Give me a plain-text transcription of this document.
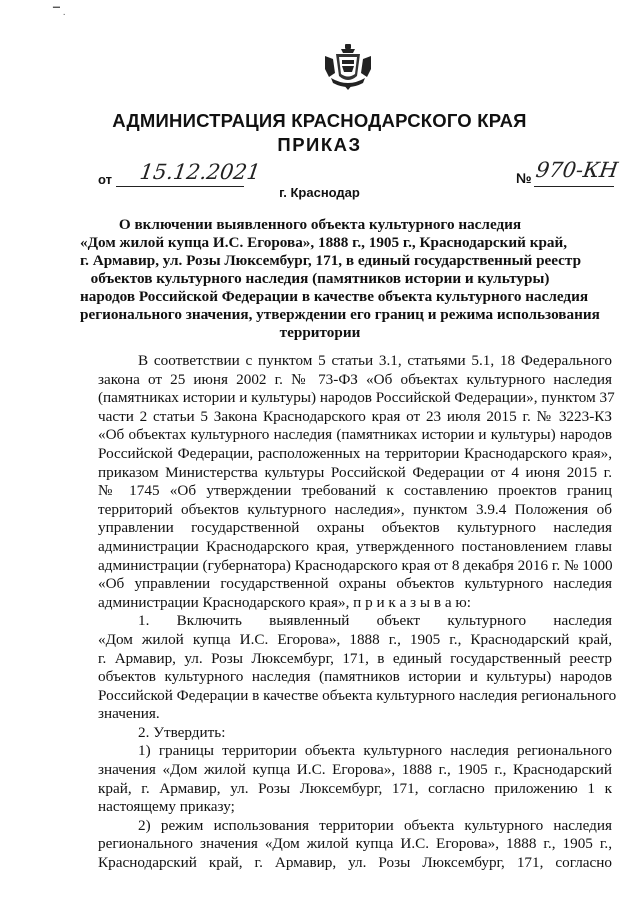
▔ .
АДМИНИСТРАЦИЯ КРАСНОДАРСКОГО КРАЯ
ПРИКАЗ
от 15.12.2021	№ 970-КН
г. Краснодар
О включении выявленного объекта культурного наследия
«Дом жилой купца И.С. Егорова», 1888 г., 1905 г., Краснодарский край,
г. Армавир, ул. Розы Люксембург, 171, в единый государственный реестр
объектов культурного наследия (памятников истории и культуры)
народов Российской Федерации в качестве объекта культурного наследия
регионального значения, утверждении его границ и режима использования
территории
В соответствии с пунктом 5 статьи 3.1, статьями 5.1, 18 Федерального
закона от 25 июня 2002 г. № 73-ФЗ «Об объектах культурного наследия
(памятниках истории и культуры) народов Российской Федерации», пунктом 37
части 2 статьи 5 Закона Краснодарского края от 23 июля 2015 г. № 3223-КЗ
«Об объектах культурного наследия (памятниках истории и культуры) народов
Российской Федерации, расположенных на территории Краснодарского края»,
приказом Министерства культуры Российской Федерации от 4 июня 2015 г.
№ 1745 «Об утверждении требований к составлению проектов границ
территорий объектов культурного наследия», пунктом 3.9.4 Положения об
управлении государственной охраны объектов культурного наследия
администрации Краснодарского края, утвержденного постановлением главы
администрации (губернатора) Краснодарского края от 8 декабря 2016 г. № 1000
«Об управлении государственной охраны объектов культурного наследия
администрации Краснодарского края», п р и к а з ы в а ю:
1. Включить выявленный объект культурного наследия
«Дом жилой купца И.С. Егорова», 1888 г., 1905 г., Краснодарский край,
г. Армавир, ул. Розы Люксембург, 171, в единый государственный реестр
объектов культурного наследия (памятников истории и культуры) народов
Российской Федерации в качестве объекта культурного наследия регионального
значения.
2. Утвердить:
1) границы территории объекта культурного наследия регионального
значения «Дом жилой купца И.С. Егорова», 1888 г., 1905 г., Краснодарский
край, г. Армавир, ул. Розы Люксембург, 171, согласно приложению 1 к
настоящему приказу;
2) режим использования территории объекта культурного наследия
регионального значения «Дом жилой купца И.С. Егорова», 1888 г., 1905 г.,
Краснодарский край, г. Армавир, ул. Розы Люксембург, 171, согласно
